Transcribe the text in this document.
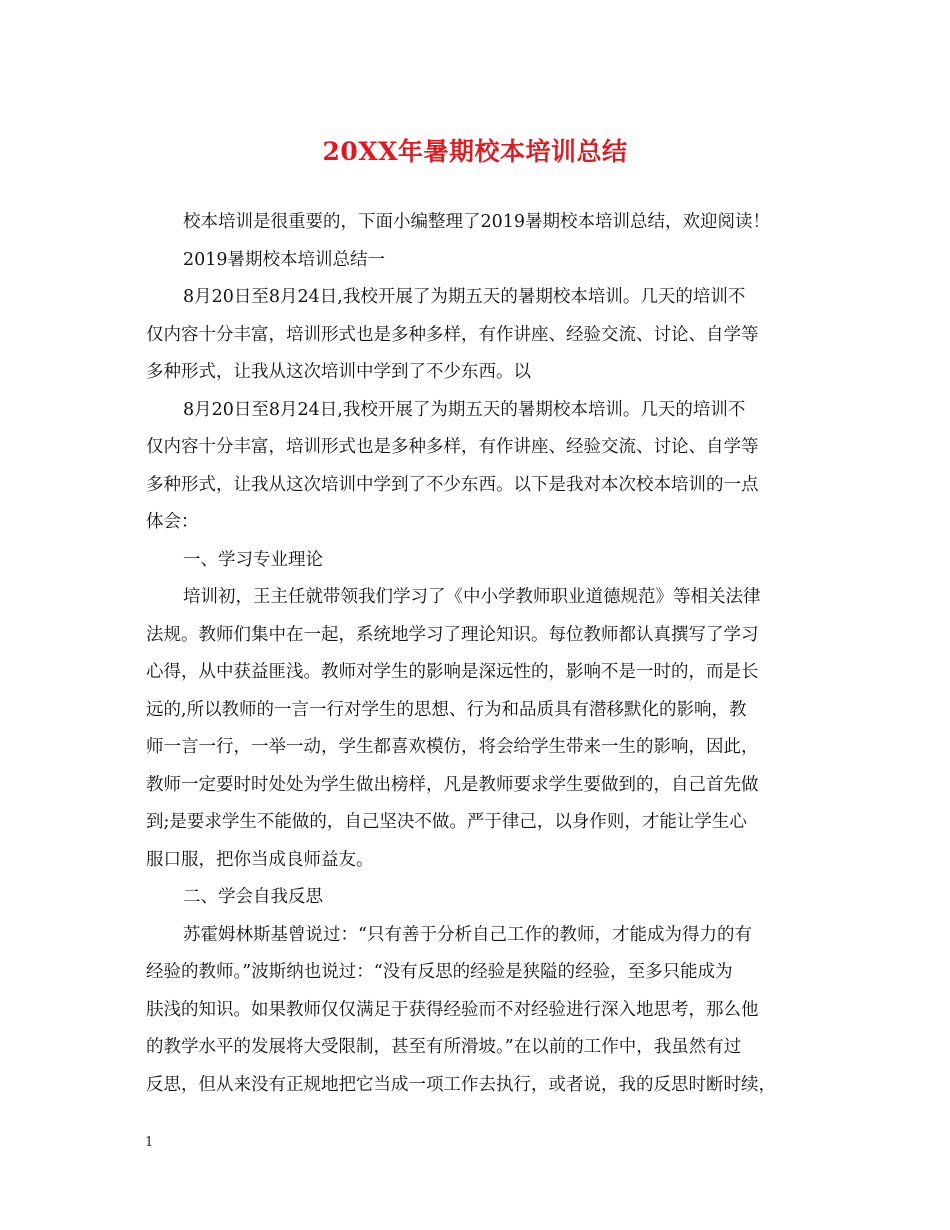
20XX年暑期校本培训总结
校本培训是很重要的，下面小编整理了2019暑期校本培训总结，欢迎阅读！
2019暑期校本培训总结一
8月20日至8月24日,我校开展了为期五天的暑期校本培训。几天的培训不
仅内容十分丰富，培训形式也是多种多样，有作讲座、经验交流、讨论、自学等
多种形式，让我从这次培训中学到了不少东西。以
8月20日至8月24日,我校开展了为期五天的暑期校本培训。几天的培训不
仅内容十分丰富，培训形式也是多种多样，有作讲座、经验交流、讨论、自学等
多种形式，让我从这次培训中学到了不少东西。以下是我对本次校本培训的一点
体会：
一、学习专业理论
培训初，王主任就带领我们学习了《中小学教师职业道德规范》等相关法律
法规。教师们集中在一起，系统地学习了理论知识。每位教师都认真撰写了学习
心得，从中获益匪浅。教师对学生的影响是深远性的，影响不是一时的，而是长
远的,所以教师的一言一行对学生的思想、行为和品质具有潜移默化的影响，教
师一言一行，一举一动，学生都喜欢模仿，将会给学生带来一生的影响，因此，
教师一定要时时处处为学生做出榜样，凡是教师要求学生要做到的，自己首先做
到;是要求学生不能做的，自己坚决不做。严于律己，以身作则，才能让学生心
服口服，把你当成良师益友。
二、学会自我反思
苏霍姆林斯基曾说过：“只有善于分析自己工作的教师，才能成为得力的有
经验的教师。”波斯纳也说过：“没有反思的经验是狭隘的经验，至多只能成为
肤浅的知识。如果教师仅仅满足于获得经验而不对经验进行深入地思考，那么他
的教学水平的发展将大受限制，甚至有所滑坡。”在以前的工作中，我虽然有过
反思，但从来没有正规地把它当成一项工作去执行，或者说，我的反思时断时续，
1
